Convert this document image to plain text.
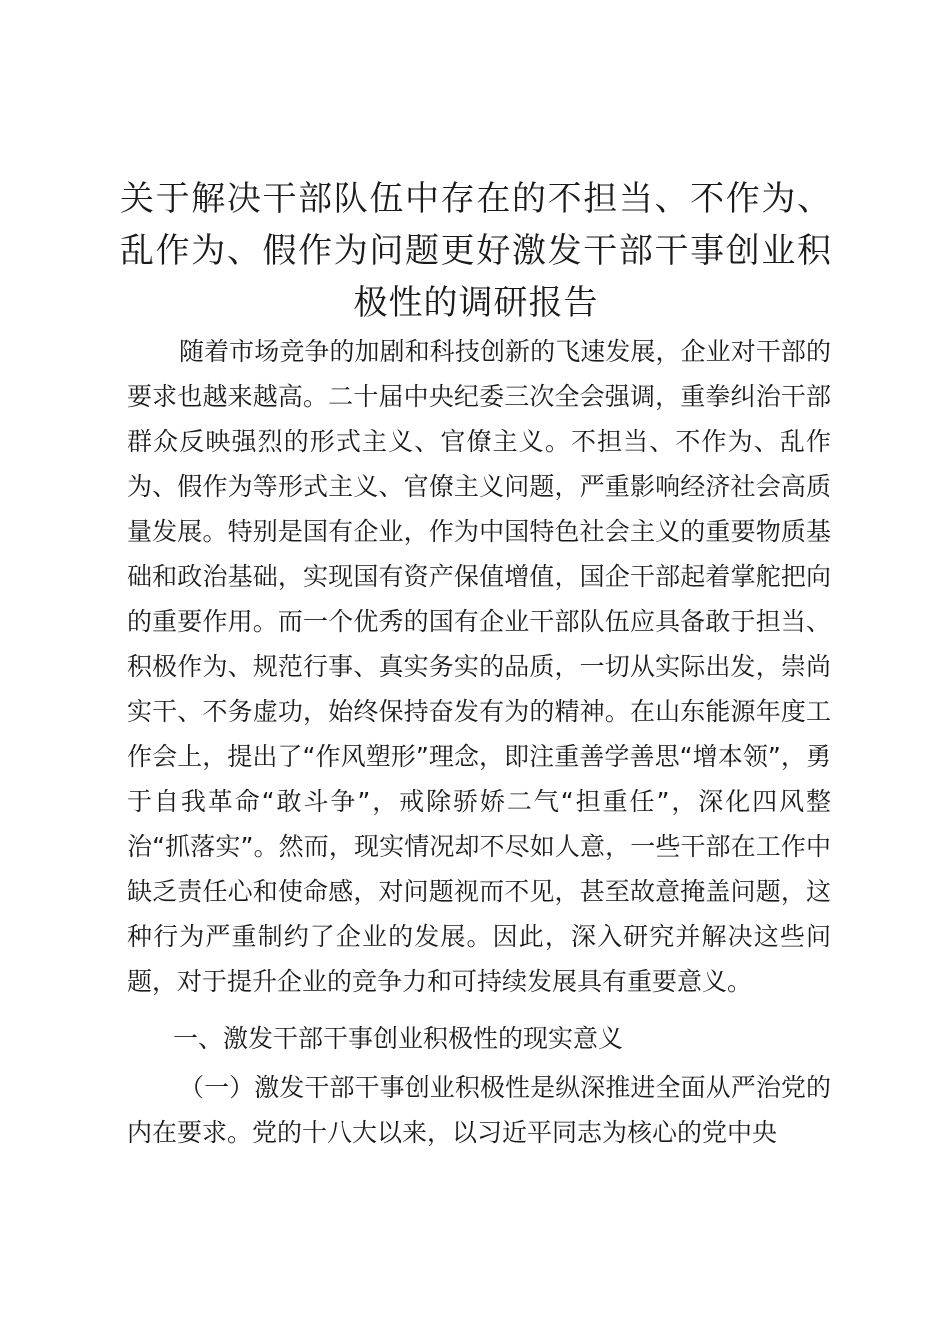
关于解决干部队伍中存在的不担当、不作为、乱作为、假作为问题更好激发干部干事创业积极性的调研报告

随着市场竞争的加剧和科技创新的飞速发展，企业对干部的要求也越来越高。二十届中央纪委三次全会强调，重拳纠治干部群众反映强烈的形式主义、官僚主义。不担当、不作为、乱作为、假作为等形式主义、官僚主义问题，严重影响经济社会高质量发展。特别是国有企业，作为中国特色社会主义的重要物质基础和政治基础，实现国有资产保值增值，国企干部起着掌舵把向的重要作用。而一个优秀的国有企业干部队伍应具备敢于担当、积极作为、规范行事、真实务实的品质，一切从实际出发，崇尚实干、不务虚功，始终保持奋发有为的精神。在山东能源年度工作会上，提出了“作风塑形”理念，即注重善学善思“增本领”，勇于自我革命“敢斗争”，戒除骄娇二气“担重任”，深化四风整治“抓落实”。然而，现实情况却不尽如人意，一些干部在工作中缺乏责任心和使命感，对问题视而不见，甚至故意掩盖问题，这种行为严重制约了企业的发展。因此，深入研究并解决这些问题，对于提升企业的竞争力和可持续发展具有重要意义。

一、激发干部干事创业积极性的现实意义

（一）激发干部干事创业积极性是纵深推进全面从严治党的内在要求。党的十八大以来，以习近平同志为核心的党中央
